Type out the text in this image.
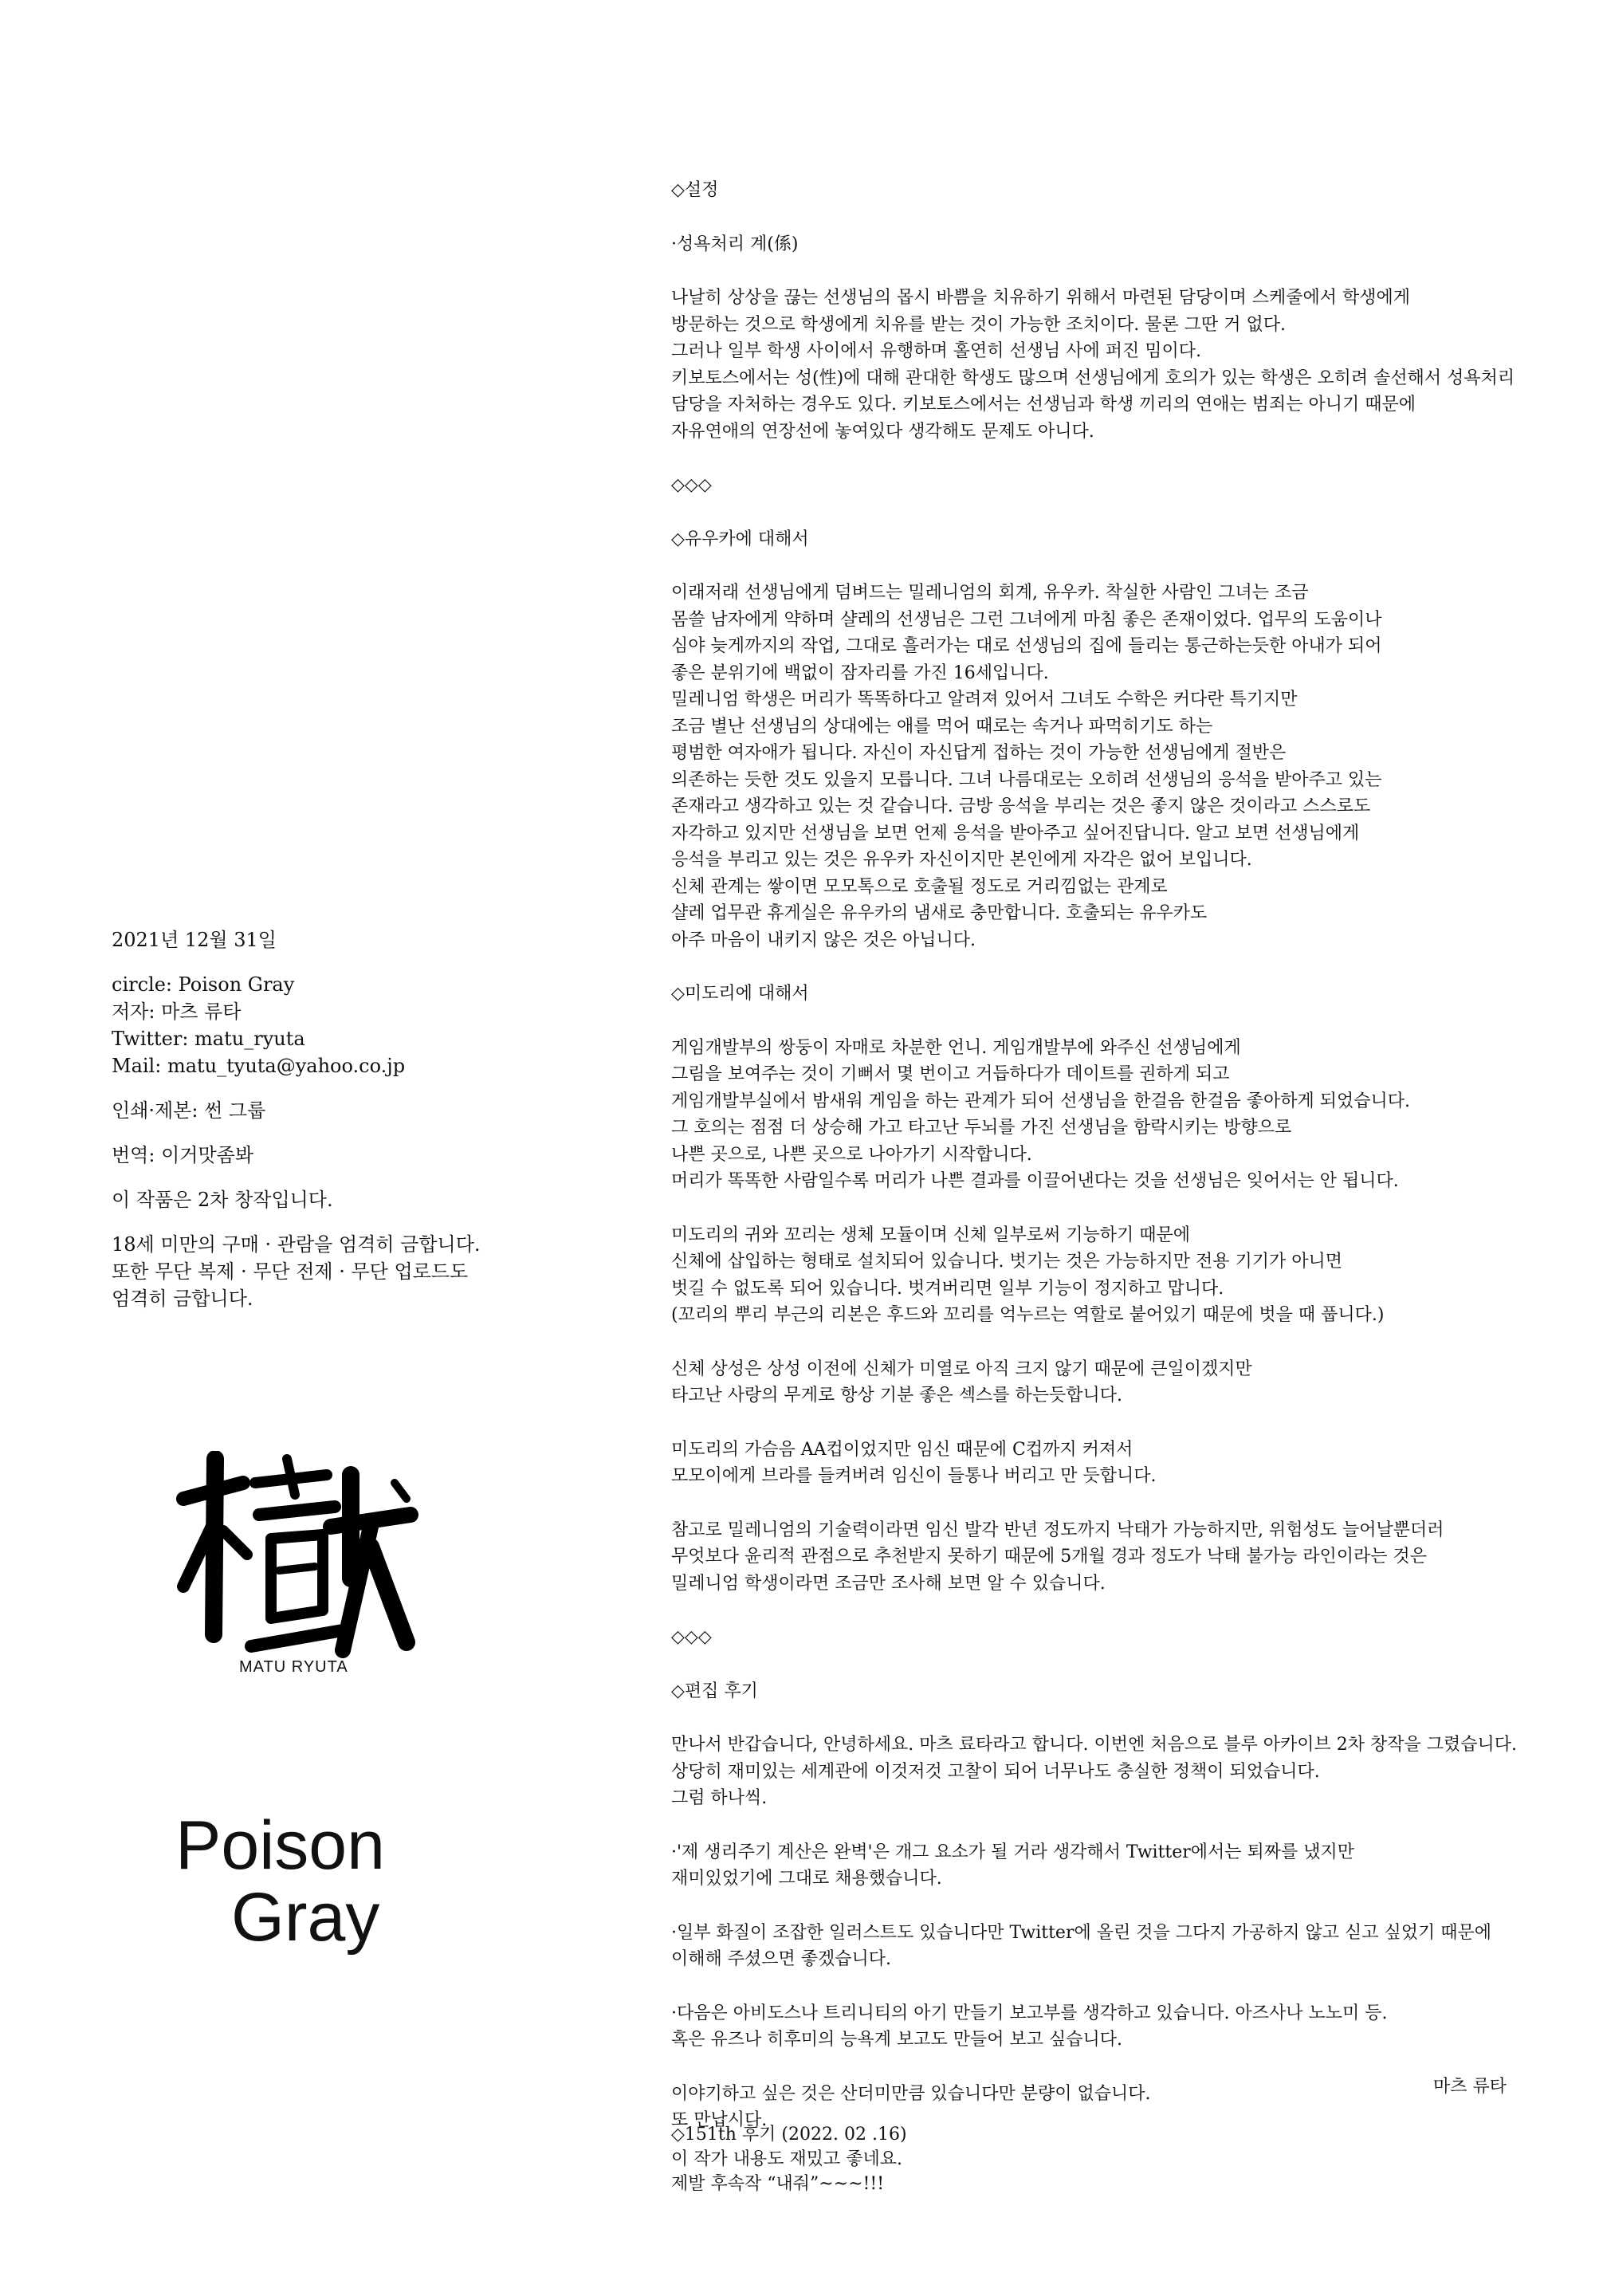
2021년 12월 31일

circle: Poison Gray
저자: 마츠 류타
Twitter: matu_ryuta
Mail: matu_tyuta@yahoo.co.jp

인쇄·제본: 썬 그룹

번역: 이거맛좀봐

이 작품은 2차 창작입니다.

18세 미만의 구매 · 관람을 엄격히 금합니다.
또한 무단 복제 · 무단 전제 · 무단 업로드도
엄격히 금합니다.

MATU RYUTA
Poison
Gray
◇설정
·성욕처리 계(係)
나날히 상상을 끊는 선생님의 몹시 바쁨을 치유하기 위해서 마련된 담당이며 스케줄에서 학생에게
방문하는 것으로 학생에게 치유를 받는 것이 가능한 조치이다. 물론 그딴 거 없다.
그러나 일부 학생 사이에서 유행하며 홀연히 선생님 사에 퍼진 밈이다.
키보토스에서는 성(性)에 대해 관대한 학생도 많으며 선생님에게 호의가 있는 학생은 오히려 솔선해서 성욕처리
담당을 자처하는 경우도 있다. 키보토스에서는 선생님과 학생 끼리의 연애는 범죄는 아니기 때문에
자유연애의 연장선에 놓여있다 생각해도 문제도 아니다.
◇◇◇
◇유우카에 대해서
이래저래 선생님에게 덤벼드는 밀레니엄의 회계, 유우카. 착실한 사람인 그녀는 조금
몸쓸 남자에게 약하며 샬레의 선생님은 그런 그녀에게 마침 좋은 존재이었다. 업무의 도움이나
심야 늦게까지의 작업, 그대로 흘러가는 대로 선생님의 집에 들리는 통근하는듯한 아내가 되어
좋은 분위기에 백없이 잠자리를 가진 16세입니다.
밀레니엄 학생은 머리가 똑똑하다고 알려져 있어서 그녀도 수학은 커다란 특기지만
조금 별난 선생님의 상대에는 애를 먹어 때로는 속거나 파먹히기도 하는
평범한 여자애가 됩니다. 자신이 자신답게 접하는 것이 가능한 선생님에게 절반은
의존하는 듯한 것도 있을지 모릅니다. 그녀 나름대로는 오히려 선생님의 응석을 받아주고 있는
존재라고 생각하고 있는 것 같습니다. 금방 응석을 부리는 것은 좋지 않은 것이라고 스스로도
자각하고 있지만 선생님을 보면 언제 응석을 받아주고 싶어진답니다. 알고 보면 선생님에게
응석을 부리고 있는 것은 유우카 자신이지만 본인에게 자각은 없어 보입니다.
신체 관계는 쌓이면 모모톡으로 호출될 정도로 거리낌없는 관계로
샬레 업무관 휴게실은 유우카의 냄새로 충만합니다. 호출되는 유우카도
아주 마음이 내키지 않은 것은 아닙니다.
◇미도리에 대해서
게임개발부의 쌍둥이 자매로 차분한 언니. 게임개발부에 와주신 선생님에게
그림을 보여주는 것이 기뻐서 몇 번이고 거듭하다가 데이트를 권하게 되고
게임개발부실에서 밤새워 게임을 하는 관계가 되어 선생님을 한걸음 한걸음 좋아하게 되었습니다.
그 호의는 점점 더 상승해 가고 타고난 두뇌를 가진 선생님을 함락시키는 방향으로
나쁜 곳으로, 나쁜 곳으로 나아가기 시작합니다.
머리가 똑똑한 사람일수록 머리가 나쁜 결과를 이끌어낸다는 것을 선생님은 잊어서는 안 됩니다.
미도리의 귀와 꼬리는 생체 모듈이며 신체 일부로써 기능하기 때문에
신체에 삽입하는 형태로 설치되어 있습니다. 벗기는 것은 가능하지만 전용 기기가 아니면
벗길 수 없도록 되어 있습니다. 벗겨버리면 일부 기능이 정지하고 맙니다.
(꼬리의 뿌리 부근의 리본은 후드와 꼬리를 억누르는 역할로 붙어있기 때문에 벗을 때 풉니다.)
신체 상성은 상성 이전에 신체가 미열로 아직 크지 않기 때문에 큰일이겠지만
타고난 사랑의 무게로 항상 기분 좋은 섹스를 하는듯합니다.
미도리의 가슴음 AA컵이었지만 임신 때문에 C컵까지 커져서
모모이에게 브라를 들켜버려 임신이 들통나 버리고 만 듯합니다.
참고로 밀레니엄의 기술력이라면 임신 발각 반년 정도까지 낙태가 가능하지만, 위험성도 늘어날뿐더러
무엇보다 윤리적 관점으로 추천받지 못하기 때문에 5개월 경과 정도가 낙태 불가능 라인이라는 것은
밀레니엄 학생이라면 조금만 조사해 보면 알 수 있습니다.
◇◇◇
◇편집 후기
만나서 반갑습니다, 안녕하세요. 마츠 료타라고 합니다. 이번엔 처음으로 블루 아카이브 2차 창작을 그렸습니다.
상당히 재미있는 세계관에 이것저것 고찰이 되어 너무나도 충실한 정책이 되었습니다.
그럼 하나씩.
·'제 생리주기 계산은 완벽'은 개그 요소가 될 거라 생각해서 Twitter에서는 퇴짜를 냈지만
재미있었기에 그대로 채용했습니다.
·일부 화질이 조잡한 일러스트도 있습니다만 Twitter에 올린 것을 그다지 가공하지 않고 싣고 싶었기 때문에
이해해 주셨으면 좋겠습니다.
·다음은 아비도스나 트리니티의 아기 만들기 보고부를 생각하고 있습니다. 아즈사나 노노미 등.
혹은 유즈나 히후미의 능욕계 보고도 만들어 보고 싶습니다.
이야기하고 싶은 것은 산더미만큼 있습니다만 분량이 없습니다.
또 만납시다.
마츠 류타
◇151th 후기 (2022. 02 .16)
이 작가 내용도 재밌고 좋네요.
제발 후속작 “내줘”~~~!!!
